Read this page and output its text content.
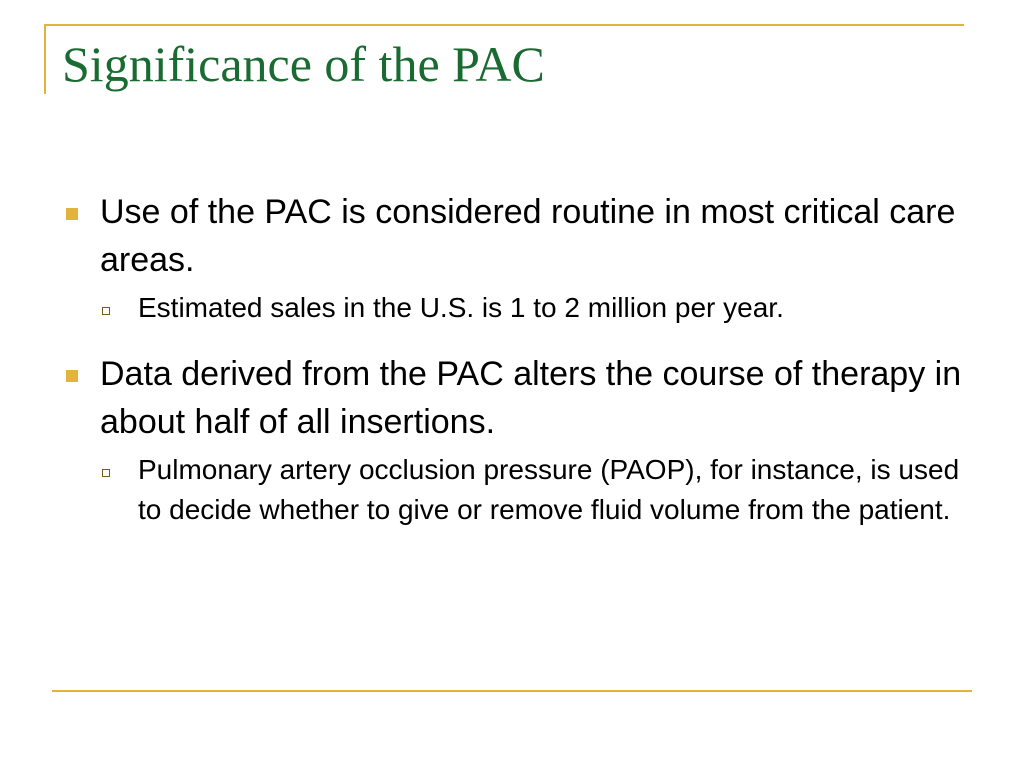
Significance of the PAC
Use of the PAC is considered routine in most critical care areas.
Estimated sales in the U.S. is 1 to 2 million per year.
Data derived from the PAC alters the course of therapy in about half of all insertions.
Pulmonary artery occlusion pressure (PAOP), for instance, is used to decide whether to give or remove fluid volume from the patient.
